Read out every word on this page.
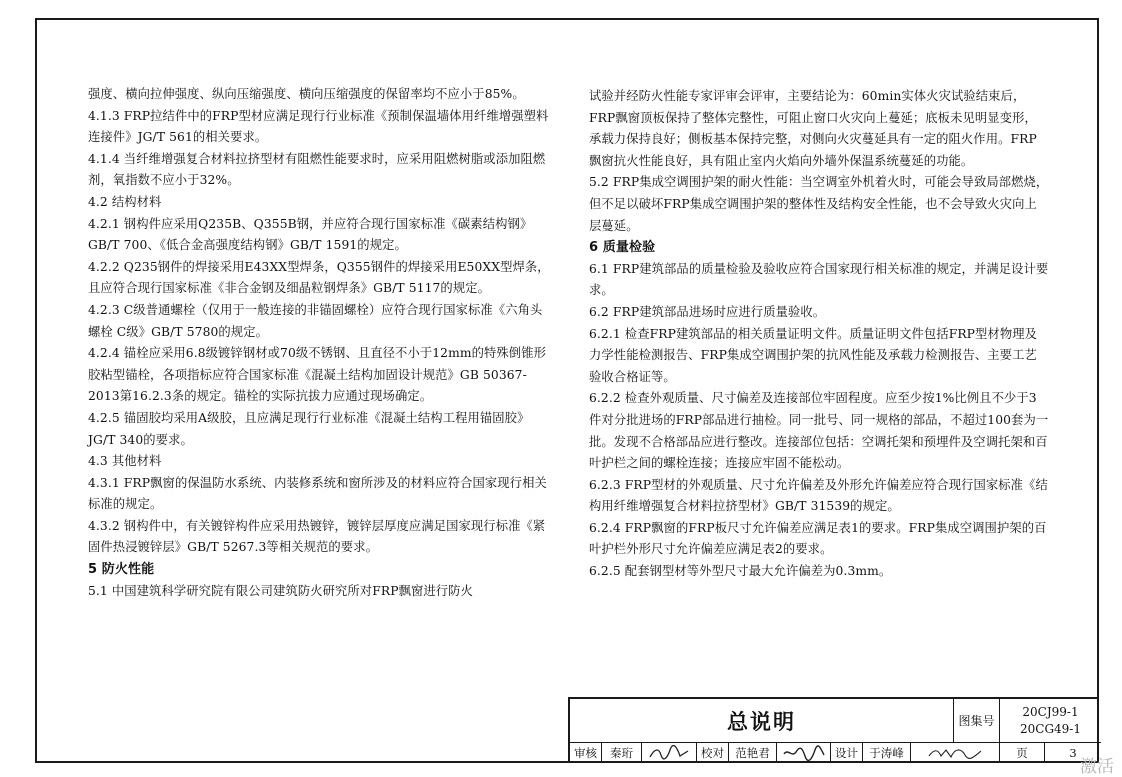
强度、横向拉伸强度、纵向压缩强度、横向压缩强度的保留率均不应小于85%。

4.1.3 FRP拉结件中的FRP型材应满足现行行业标准《预制保温墙体用纤维增强塑料连接件》JG/T 561的相关要求。

4.1.4 当纤维增强复合材料拉挤型材有阻燃性能要求时，应采用阻燃树脂或添加阻燃剂，氧指数不应小于32%。

4.2 结构材料

4.2.1 钢构件应采用Q235B、Q355B钢，并应符合现行国家标准《碳素结构钢》GB/T 700、《低合金高强度结构钢》GB/T 1591的规定。

4.2.2 Q235钢件的焊接采用E43XX型焊条，Q355钢件的焊接采用E50XX型焊条，且应符合现行国家标准《非合金钢及细晶粒钢焊条》GB/T 5117的规定。

4.2.3 C级普通螺栓（仅用于一般连接的非锚固螺栓）应符合现行国家标准《六角头螺栓 C级》GB/T 5780的规定。

4.2.4 锚栓应采用6.8级镀锌钢材或70级不锈钢、且直径不小于12mm的特殊倒锥形胶粘型锚栓，各项指标应符合国家标准《混凝土结构加固设计规范》GB 50367-2013第16.2.3条的规定。锚栓的实际抗拔力应通过现场确定。

4.2.5 锚固胶均采用A级胶，且应满足现行行业标准《混凝土结构工程用锚固胶》JG/T 340的要求。

4.3 其他材料

4.3.1 FRP飘窗的保温防水系统、内装修系统和窗所涉及的材料应符合国家现行相关标准的规定。

4.3.2 钢构件中，有关镀锌构件应采用热镀锌，镀锌层厚度应满足国家现行标准《紧固件热浸镀锌层》GB/T 5267.3等相关规范的要求。

5 防火性能

5.1 中国建筑科学研究院有限公司建筑防火研究所对FRP飘窗进行防火

试验并经防火性能专家评审会评审，主要结论为：60min实体火灾试验结束后，FRP飘窗顶板保持了整体完整性，可阻止窗口火灾向上蔓延；底板未见明显变形，承载力保持良好；侧板基本保持完整，对侧向火灾蔓延具有一定的阻火作用。FRP飘窗抗火性能良好，具有阻止室内火焰向外墙外保温系统蔓延的功能。

5.2 FRP集成空调围护架的耐火性能：当空调室外机着火时，可能会导致局部燃烧，但不足以破坏FRP集成空调围护架的整体性及结构安全性能，也不会导致火灾向上层蔓延。

6 质量检验

6.1 FRP建筑部品的质量检验及验收应符合国家现行相关标准的规定，并满足设计要求。

6.2 FRP建筑部品进场时应进行质量验收。

6.2.1 检查FRP建筑部品的相关质量证明文件。质量证明文件包括FRP型材物理及力学性能检测报告、FRP集成空调围护架的抗风性能及承载力检测报告、主要工艺验收合格证等。

6.2.2 检查外观质量、尺寸偏差及连接部位牢固程度。应至少按1%比例且不少于3件对分批进场的FRP部品进行抽检。同一批号、同一规格的部品，不超过100套为一批。发现不合格部品应进行整改。连接部位包括：空调托架和预埋件及空调托架和百叶护栏之间的螺栓连接；连接应牢固不能松动。

6.2.3 FRP型材的外观质量、尺寸允许偏差及外形允许偏差应符合现行国家标准《结构用纤维增强复合材料拉挤型材》GB/T 31539的规定。

6.2.4 FRP飘窗的FRP板尺寸允许偏差应满足表1的要求。FRP集成空调围护架的百叶护栏外形尺寸允许偏差应满足表2的要求。

6.2.5 配套钢型材等外型尺寸最大允许偏差为0.3mm。

总说明	图集号
20CJ99-1
20CG49-1
审核	秦珩	校对 范艳君	设计 于涛峰	页	3
激活
